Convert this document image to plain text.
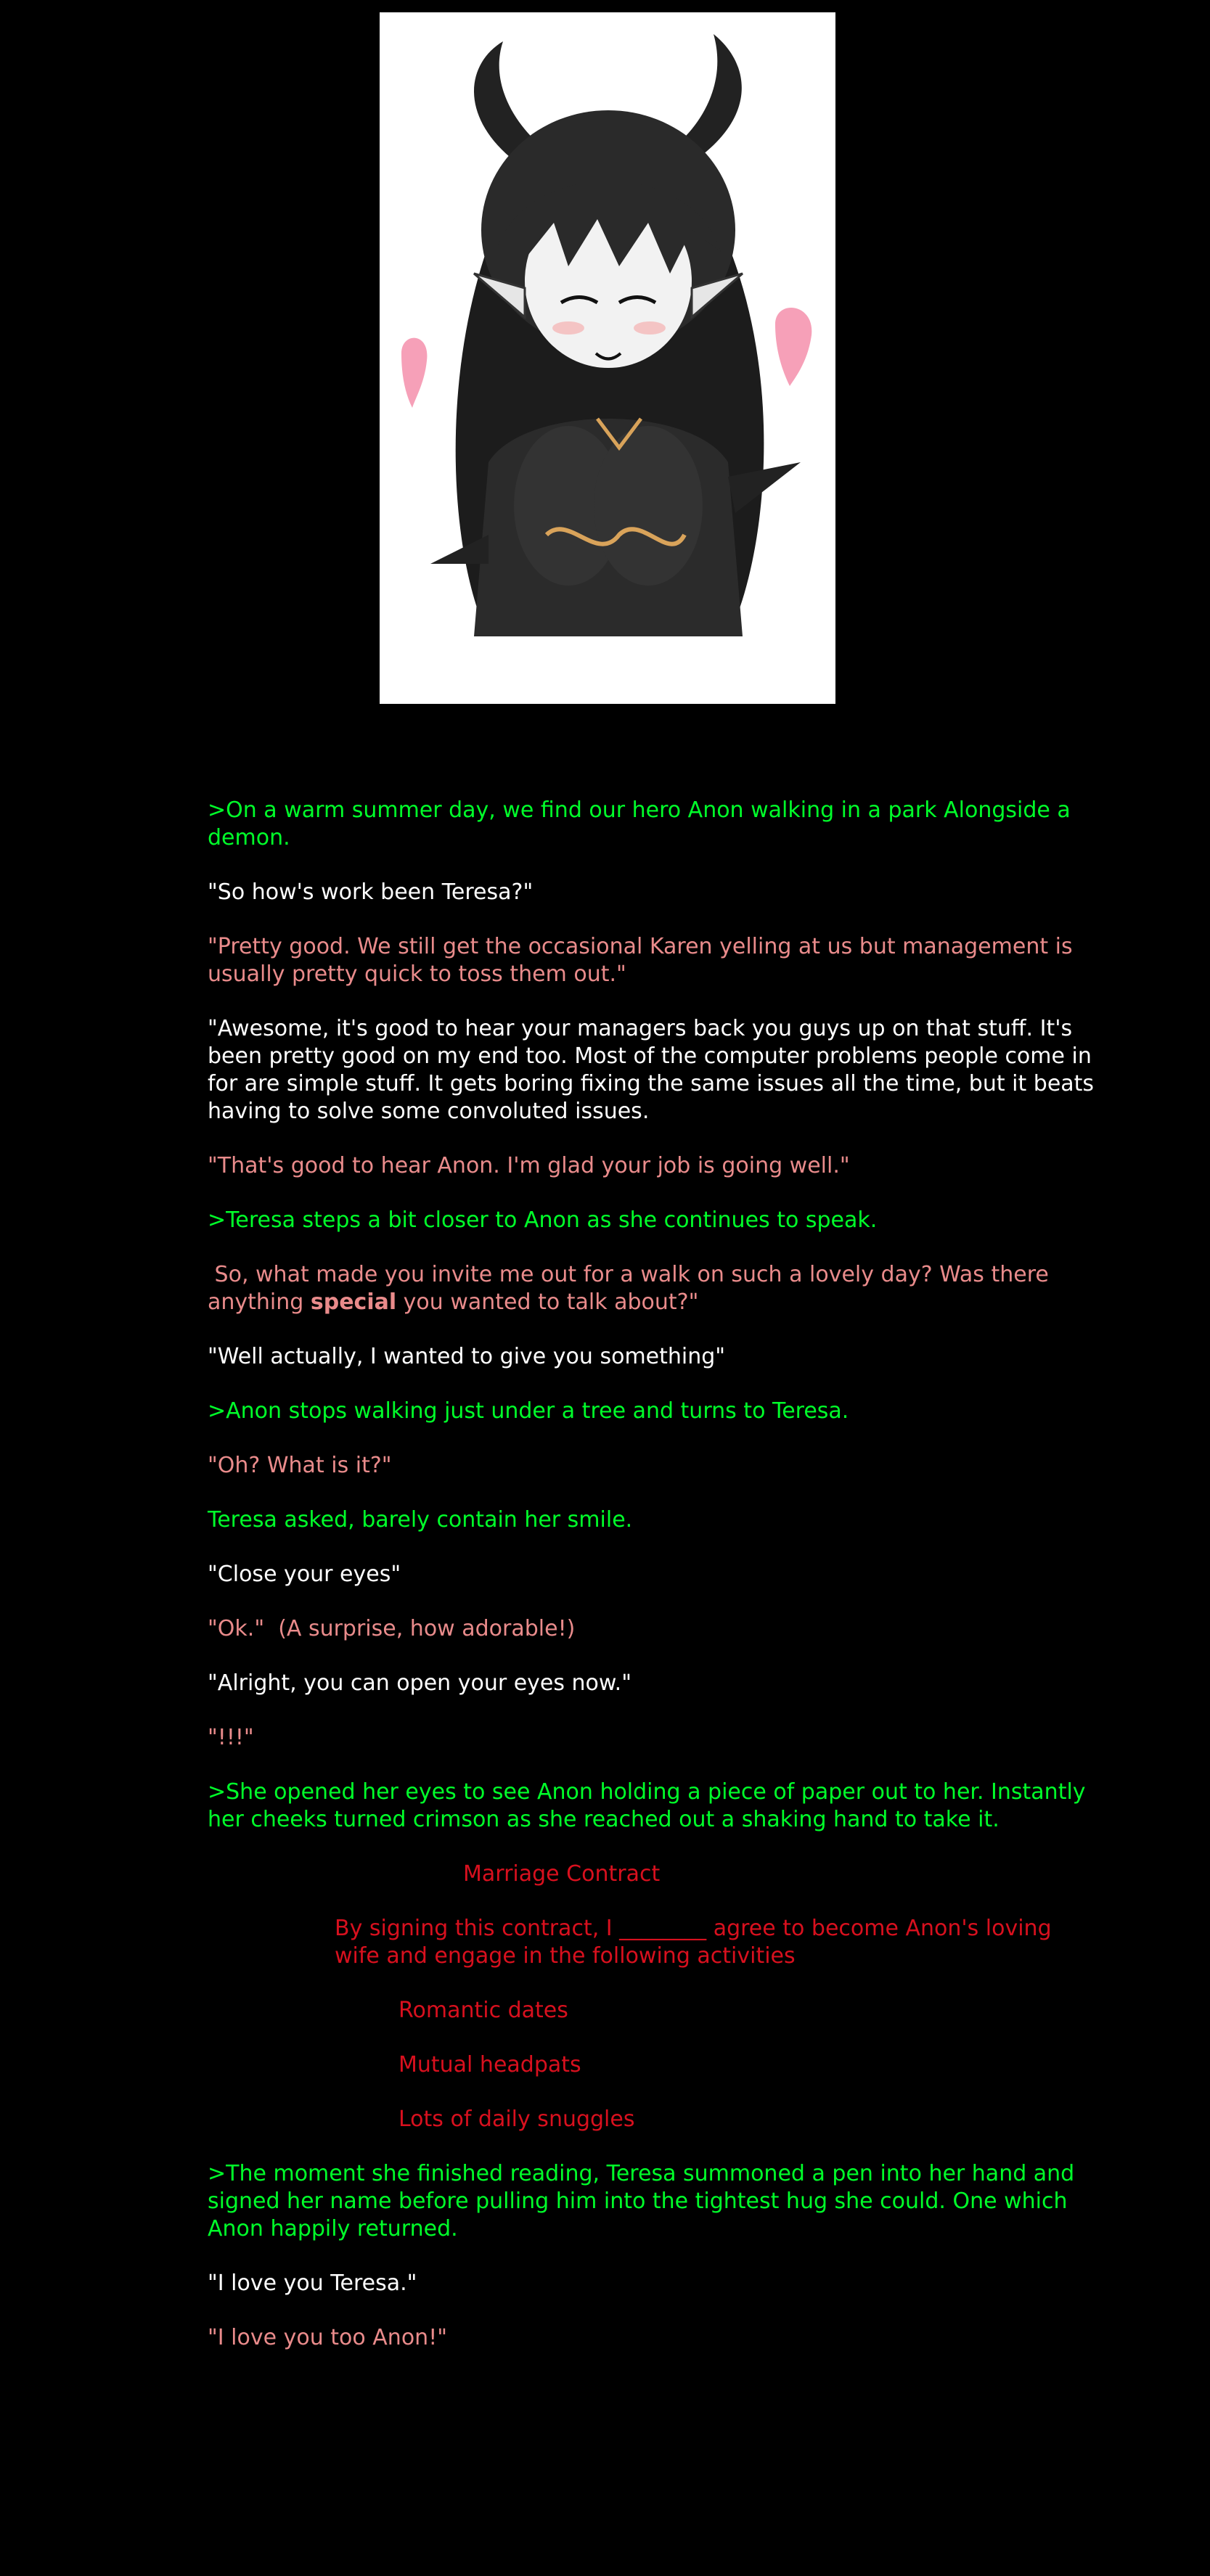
>On a warm summer day, we find our hero Anon walking in a park Alongside a demon.
"So how's work been Teresa?"
"Pretty good. We still get the occasional Karen yelling at us but management is usually pretty quick to toss them out."
"Awesome, it's good to hear your managers back you guys up on that stuff. It's been pretty good on my end too. Most of the computer problems people come in for are simple stuff. It gets boring fixing the same issues all the time, but it beats having to solve some convoluted issues.
"That's good to hear Anon. I'm glad your job is going well."
>Teresa steps a bit closer to Anon as she continues to speak.
So, what made you invite me out for a walk on such a lovely day? Was there anything special you wanted to talk about?"
"Well actually, I wanted to give you something"
>Anon stops walking just under a tree and turns to Teresa.
"Oh? What is it?"
Teresa asked, barely contain her smile.
"Close your eyes"
"Ok."  (A surprise, how adorable!)
"Alright, you can open your eyes now."
"!!!"
>She opened her eyes to see Anon holding a piece of paper out to her. Instantly her cheeks turned crimson as she reached out a shaking hand to take it.
Marriage Contract
By signing this contract, I ________ agree to become Anon's loving wife and engage in the following activities
Romantic dates
Mutual headpats
Lots of daily snuggles
>The moment she finished reading, Teresa summoned a pen into her hand and signed her name before pulling him into the tightest hug she could. One which Anon happily returned.
"I love you Teresa."
"I love you too Anon!"
